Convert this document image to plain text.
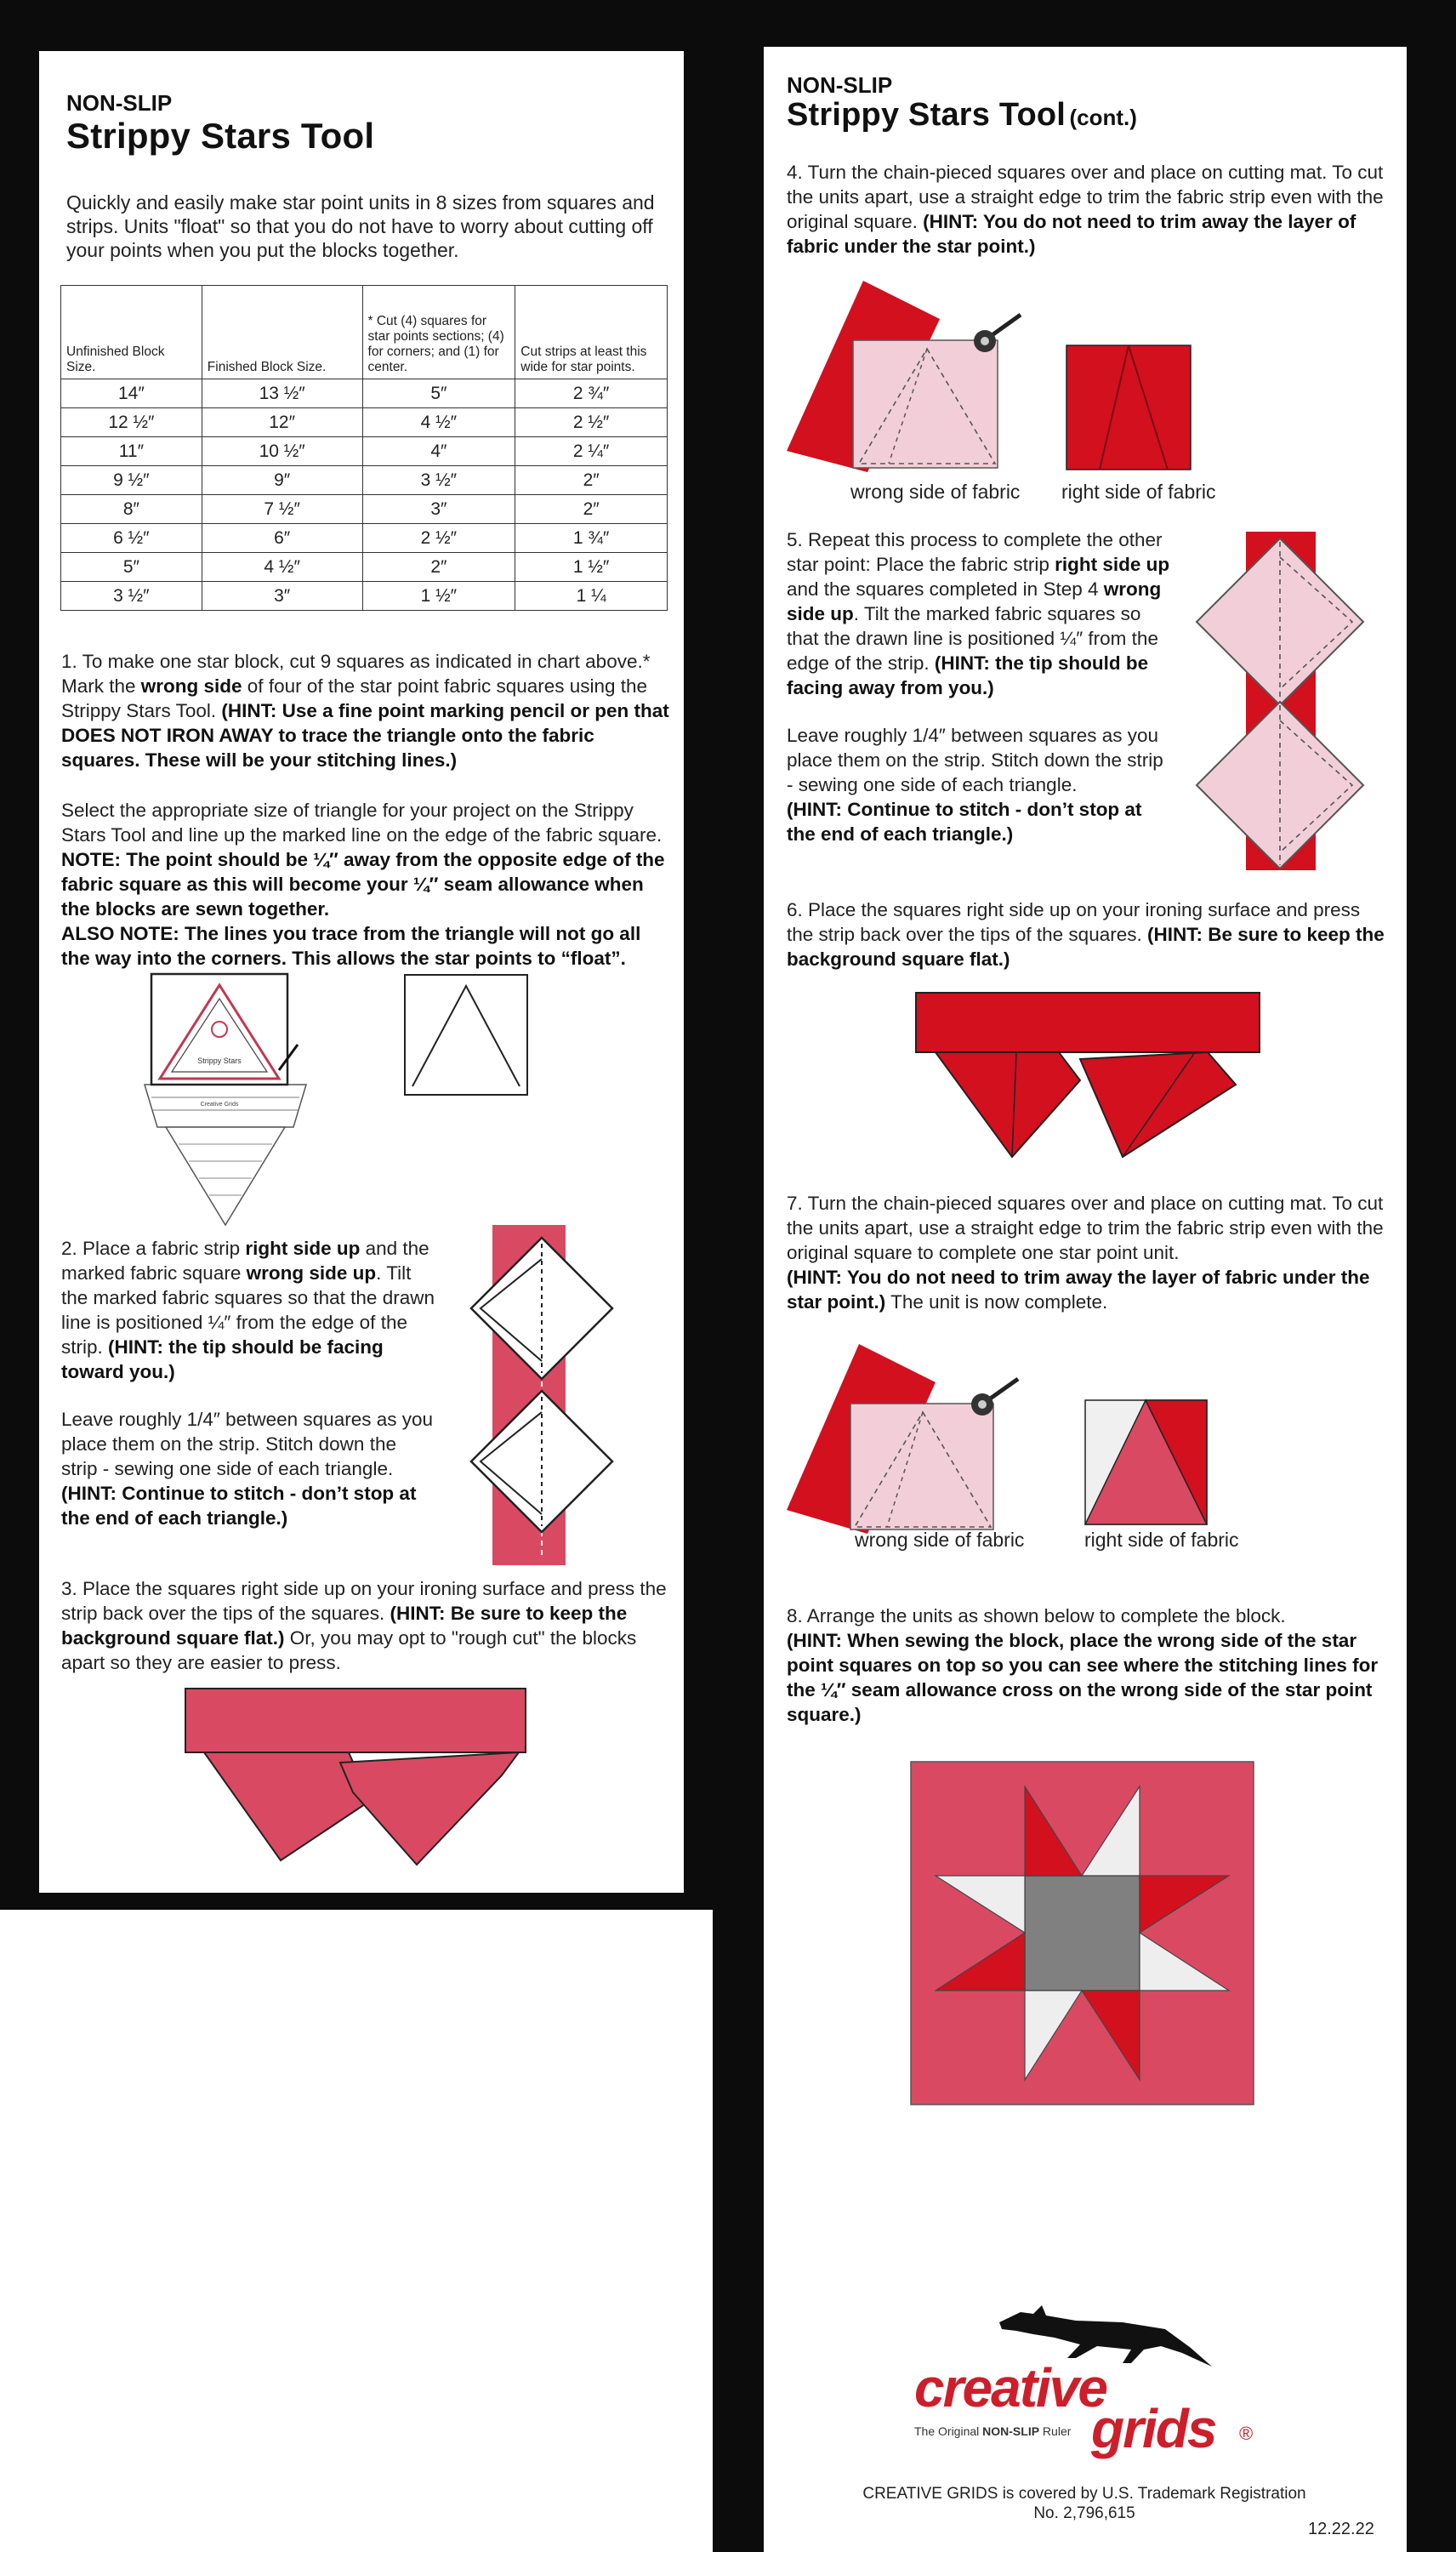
NON-SLIP
Strippy Stars Tool

Quickly and easily make star point units in 8 sizes from squares and strips. Units "float" so that you do not have to worry about cutting off your points when you put the blocks together.

Unfinished Block Size.	Finished Block Size.	* Cut (4) squares for star points sections; (4) for corners; and (1) for center.	Cut strips at least this wide for star points.
14″	13 ½″	5″	2 ¾″
12 ½″	12″	4 ½″	2 ½″
11″	10 ½″	4″	2 ¼″
9 ½″	9″	3 ½″	2″
8″	7 ½″	3″	2″
6 ½″	6″	2 ½″	1 ¾″
5″	4 ½″	2″	1 ½″
3 ½″	3″	1 ½″	1 ¼

1. To make one star block, cut 9 squares as indicated in chart above.* Mark the wrong side of four of the star point fabric squares using the Strippy Stars Tool. (HINT: Use a fine point marking pencil or pen that DOES NOT IRON AWAY to trace the triangle onto the fabric squares. These will be your stitching lines.)

Select the appropriate size of triangle for your project on the Strippy Stars Tool and line up the marked line on the edge of the fabric square.
NOTE: The point should be ¼″ away from the opposite edge of the fabric square as this will become your ¼″ seam allowance when the blocks are sewn together.
ALSO NOTE: The lines you trace from the triangle will not go all the way into the corners. This allows the star points to “float”.

Strippy Stars
Creative Grids

2. Place a fabric strip right side up and the marked fabric square wrong side up. Tilt the marked fabric squares so that the drawn line is positioned ¼″ from the edge of the strip. (HINT: the tip should be facing toward you.)

Leave roughly 1/4″ between squares as you place them on the strip. Stitch down the strip - sewing one side of each triangle.
(HINT: Continue to stitch - don’t stop at the end of each triangle.)

3. Place the squares right side up on your ironing surface and press the strip back over the tips of the squares. (HINT: Be sure to keep the background square flat.) Or, you may opt to "rough cut" the blocks apart so they are easier to press.

NON-SLIP
Strippy Stars Tool (cont.)

4. Turn the chain-pieced squares over and place on cutting mat. To cut the units apart, use a straight edge to trim the fabric strip even with the original square. (HINT: You do not need to trim away the layer of fabric under the star point.)

wrong side of fabric right side of fabric

5. Repeat this process to complete the other star point: Place the fabric strip right side up and the squares completed in Step 4 wrong side up. Tilt the marked fabric squares so that the drawn line is positioned ¼″ from the edge of the strip. (HINT: the tip should be facing away from you.)

Leave roughly 1/4″ between squares as you place them on the strip. Stitch down the strip - sewing one side of each triangle.
(HINT: Continue to stitch - don’t stop at the end of each triangle.)

6. Place the squares right side up on your ironing surface and press the strip back over the tips of the squares. (HINT: Be sure to keep the background square flat.)

7. Turn the chain-pieced squares over and place on cutting mat. To cut the units apart, use a straight edge to trim the fabric strip even with the original square to complete one star point unit.
(HINT: You do not need to trim away the layer of fabric under the star point.) The unit is now complete.

wrong side of fabric	right side of fabric

8. Arrange the units as shown below to complete the block.
(HINT: When sewing the block, place the wrong side of the star point squares on top so you can see where the stitching lines for the ¼″ seam allowance cross on the wrong side of the star point square.)

creative
grids ®
The Original NON-SLIP Ruler
CREATIVE GRIDS is covered by U.S. Trademark Registration
No. 2,796,615
12.22.22
